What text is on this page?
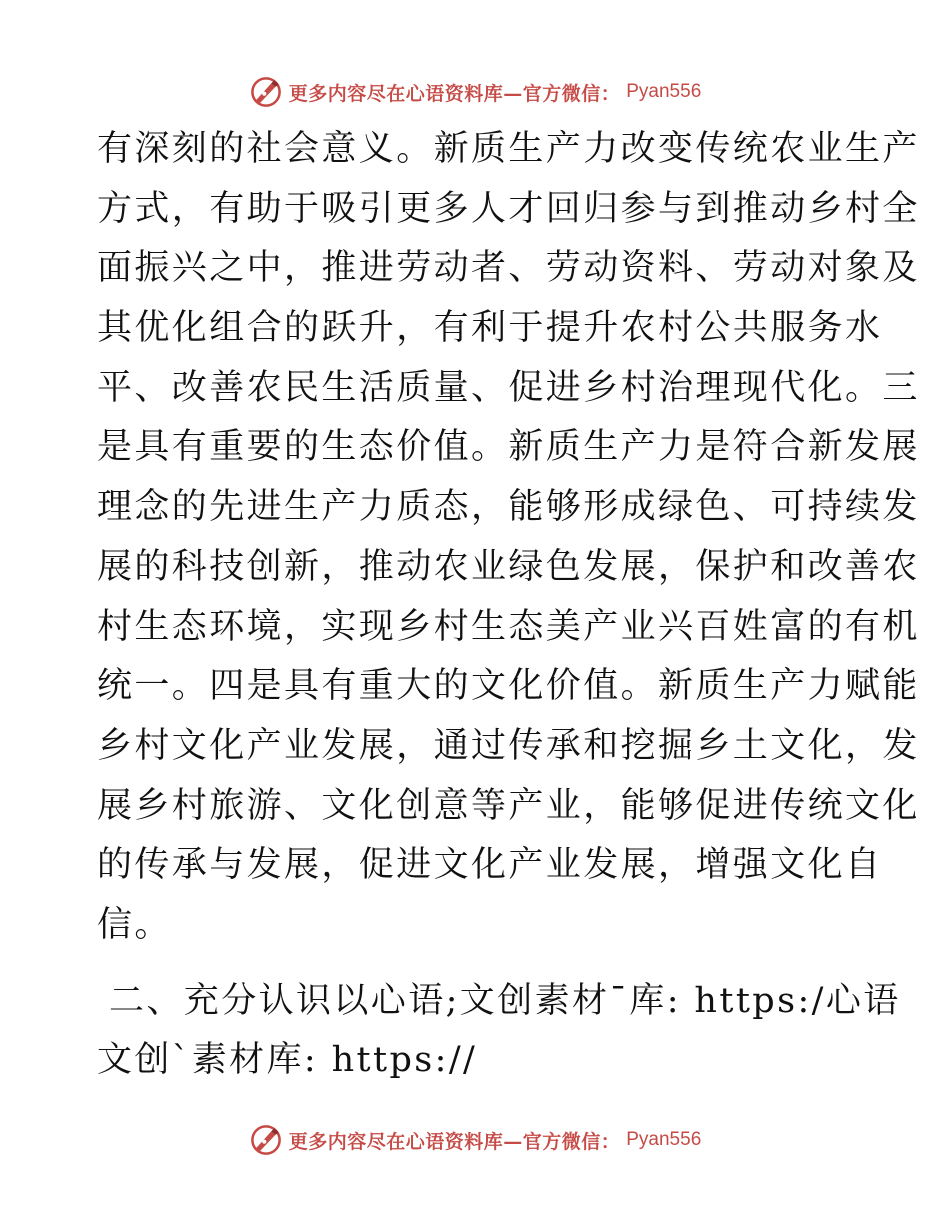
更多内容尽在心语资料库—官方微信： Pyan556
有深刻的社会意义。新质生产力改变传统农业生产
方式，有助于吸引更多人才回归参与到推动乡村全
面振兴之中，推进劳动者、劳动资料、劳动对象及
其优化组合的跃升，有利于提升农村公共服务水
平、改善农民生活质量、促进乡村治理现代化。三
是具有重要的生态价值。新质生产力是符合新发展
理念的先进生产力质态，能够形成绿色、可持续发
展的科技创新，推动农业绿色发展，保护和改善农
村生态环境，实现乡村生态美产业兴百姓富的有机
统一。四是具有重大的文化价值。新质生产力赋能
乡村文化产业发展，通过传承和挖掘乡土文化，发
展乡村旅游、文化创意等产业，能够促进传统文化
的传承与发展，促进文化产业发展，增强文化自
信。
二、充分认识以心语;文创素材¯库: https:/心语
文创`素材库: https://
更多内容尽在心语资料库—官方微信： Pyan556
